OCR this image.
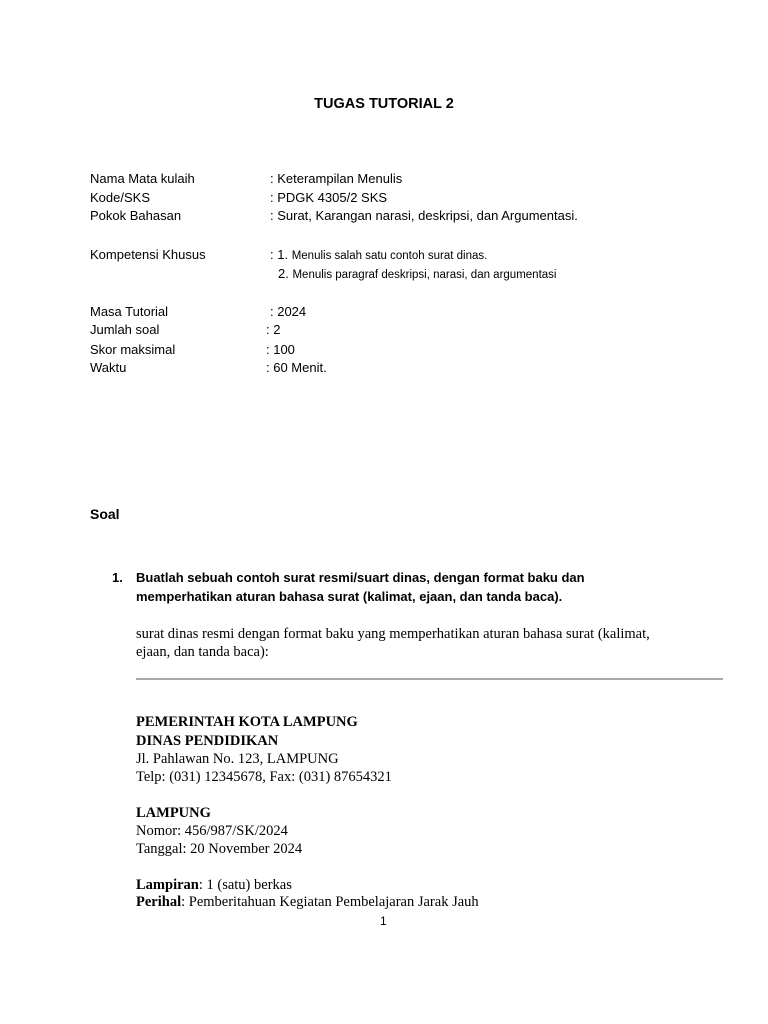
TUGAS TUTORIAL 2
Nama Mata kulaih	: Keterampilan Menulis
Kode/SKS	: PDGK 4305/2 SKS
Pokok Bahasan	: Surat, Karangan narasi, deskripsi, dan Argumentasi.
Kompetensi Khusus	: 1. Menulis salah satu contoh surat dinas.
2. Menulis paragraf deskripsi, narasi, dan argumentasi
Masa Tutorial	: 2024
Jumlah soal	: 2
Skor maksimal	: 100
Waktu	: 60 Menit.
Soal
1. Buatlah sebuah contoh surat resmi/suart dinas, dengan format baku dan
memperhatikan aturan bahasa surat (kalimat, ejaan, dan tanda baca).
surat dinas resmi dengan format baku yang memperhatikan aturan bahasa surat (kalimat,
ejaan, dan tanda baca):
PEMERINTAH KOTA LAMPUNG
DINAS PENDIDIKAN
Jl. Pahlawan No. 123, LAMPUNG
Telp: (031) 12345678, Fax: (031) 87654321
LAMPUNG
Nomor: 456/987/SK/2024
Tanggal: 20 November 2024
Lampiran: 1 (satu) berkas
Perihal: Pemberitahuan Kegiatan Pembelajaran Jarak Jauh
1
